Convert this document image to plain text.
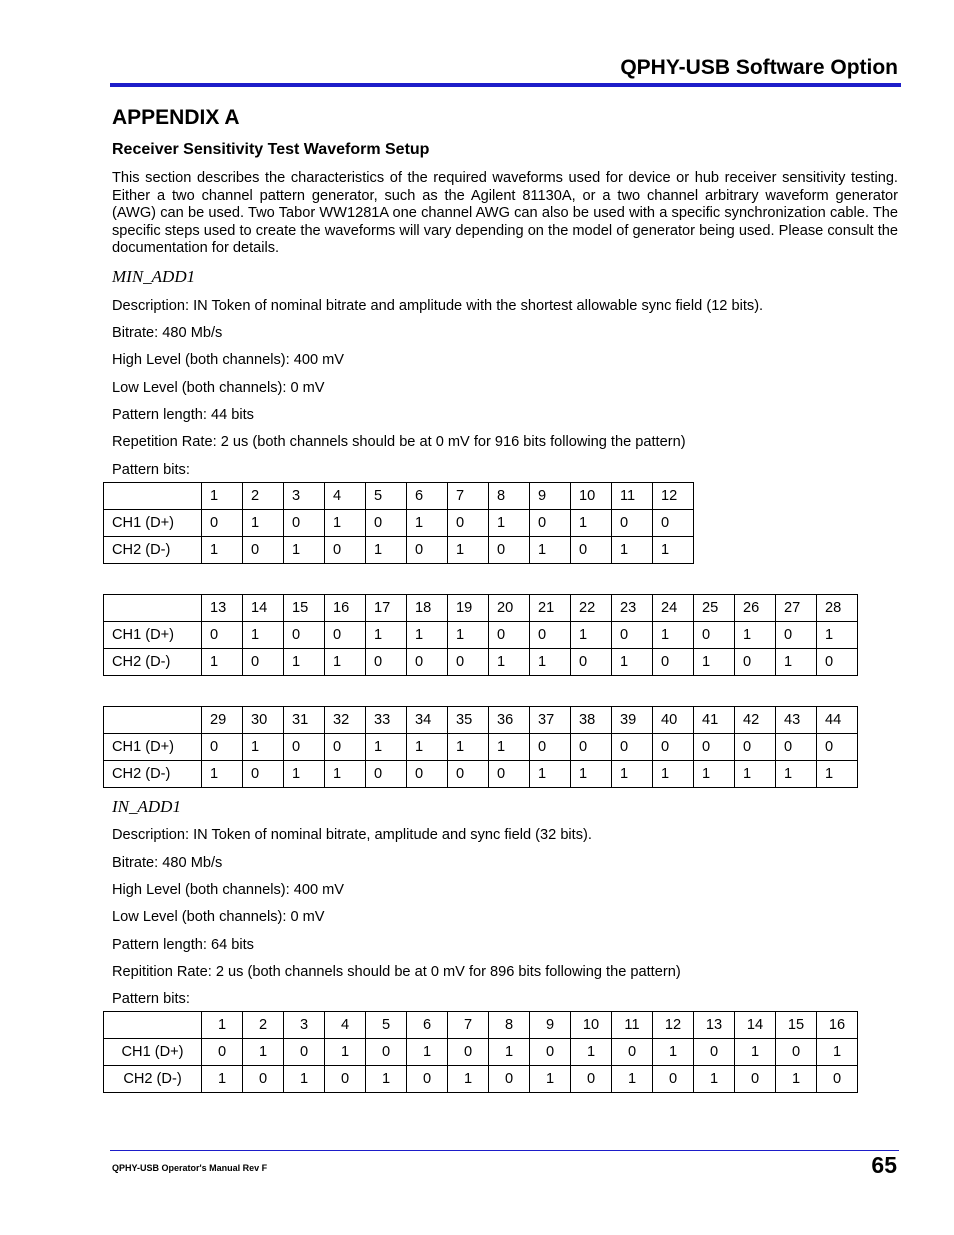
QPHY-USB Software Option
APPENDIX A
Receiver Sensitivity Test Waveform Setup

This section describes the characteristics of the required waveforms used for device or hub receiver sensitivity testing. Either a two channel pattern generator, such as the Agilent 81130A, or a two channel arbitrary waveform generator (AWG) can be used. Two Tabor WW1281A one channel AWG can also be used with a specific synchronization cable. The specific steps used to create the waveforms will vary depending on the model of generator being used. Please consult the documentation for details.

MIN_ADD1
Description: IN Token of nominal bitrate and amplitude with the shortest allowable sync field (12 bits).
Bitrate: 480 Mb/s
High Level (both channels): 400 mV
Low Level (both channels): 0 mV
Pattern length: 44 bits
Repetition Rate: 2 us (both channels should be at 0 mV for 916 bits following the pattern)
Pattern bits:
	1	2	3	4	5	6	7	8	9	10	11	12
CH1 (D+)	0	1	0	1	0	1	0	1	0	1	0	0
CH2 (D-)	1	0	1	0	1	0	1	0	1	0	1	1
	13	14	15	16	17	18	19	20	21	22	23	24	25	26	27	28
CH1 (D+)	0	1	0	0	1	1	1	0	0	1	0	1	0	1	0	1
CH2 (D-)	1	0	1	1	0	0	0	1	1	0	1	0	1	0	1	0
	29	30	31	32	33	34	35	36	37	38	39	40	41	42	43	44
CH1 (D+)	0	1	0	0	1	1	1	1	0	0	0	0	0	0	0	0
CH2 (D-)	1	0	1	1	0	0	0	0	1	1	1	1	1	1	1	1
IN_ADD1
Description: IN Token of nominal bitrate, amplitude and sync field (32 bits).
Bitrate: 480 Mb/s
High Level (both channels): 400 mV
Low Level (both channels): 0 mV
Pattern length: 64 bits
Repitition Rate: 2 us (both channels should be at 0 mV for 896 bits following the pattern)
Pattern bits:
	1	2	3	4	5	6	7	8	9	10	11	12	13	14	15	16
CH1 (D+)	0	1	0	1	0	1	0	1	0	1	0	1	0	1	0	1
CH2 (D-)	1	0	1	0	1	0	1	0	1	0	1	0	1	0	1	0
QPHY-USB Operator's Manual Rev F	65
